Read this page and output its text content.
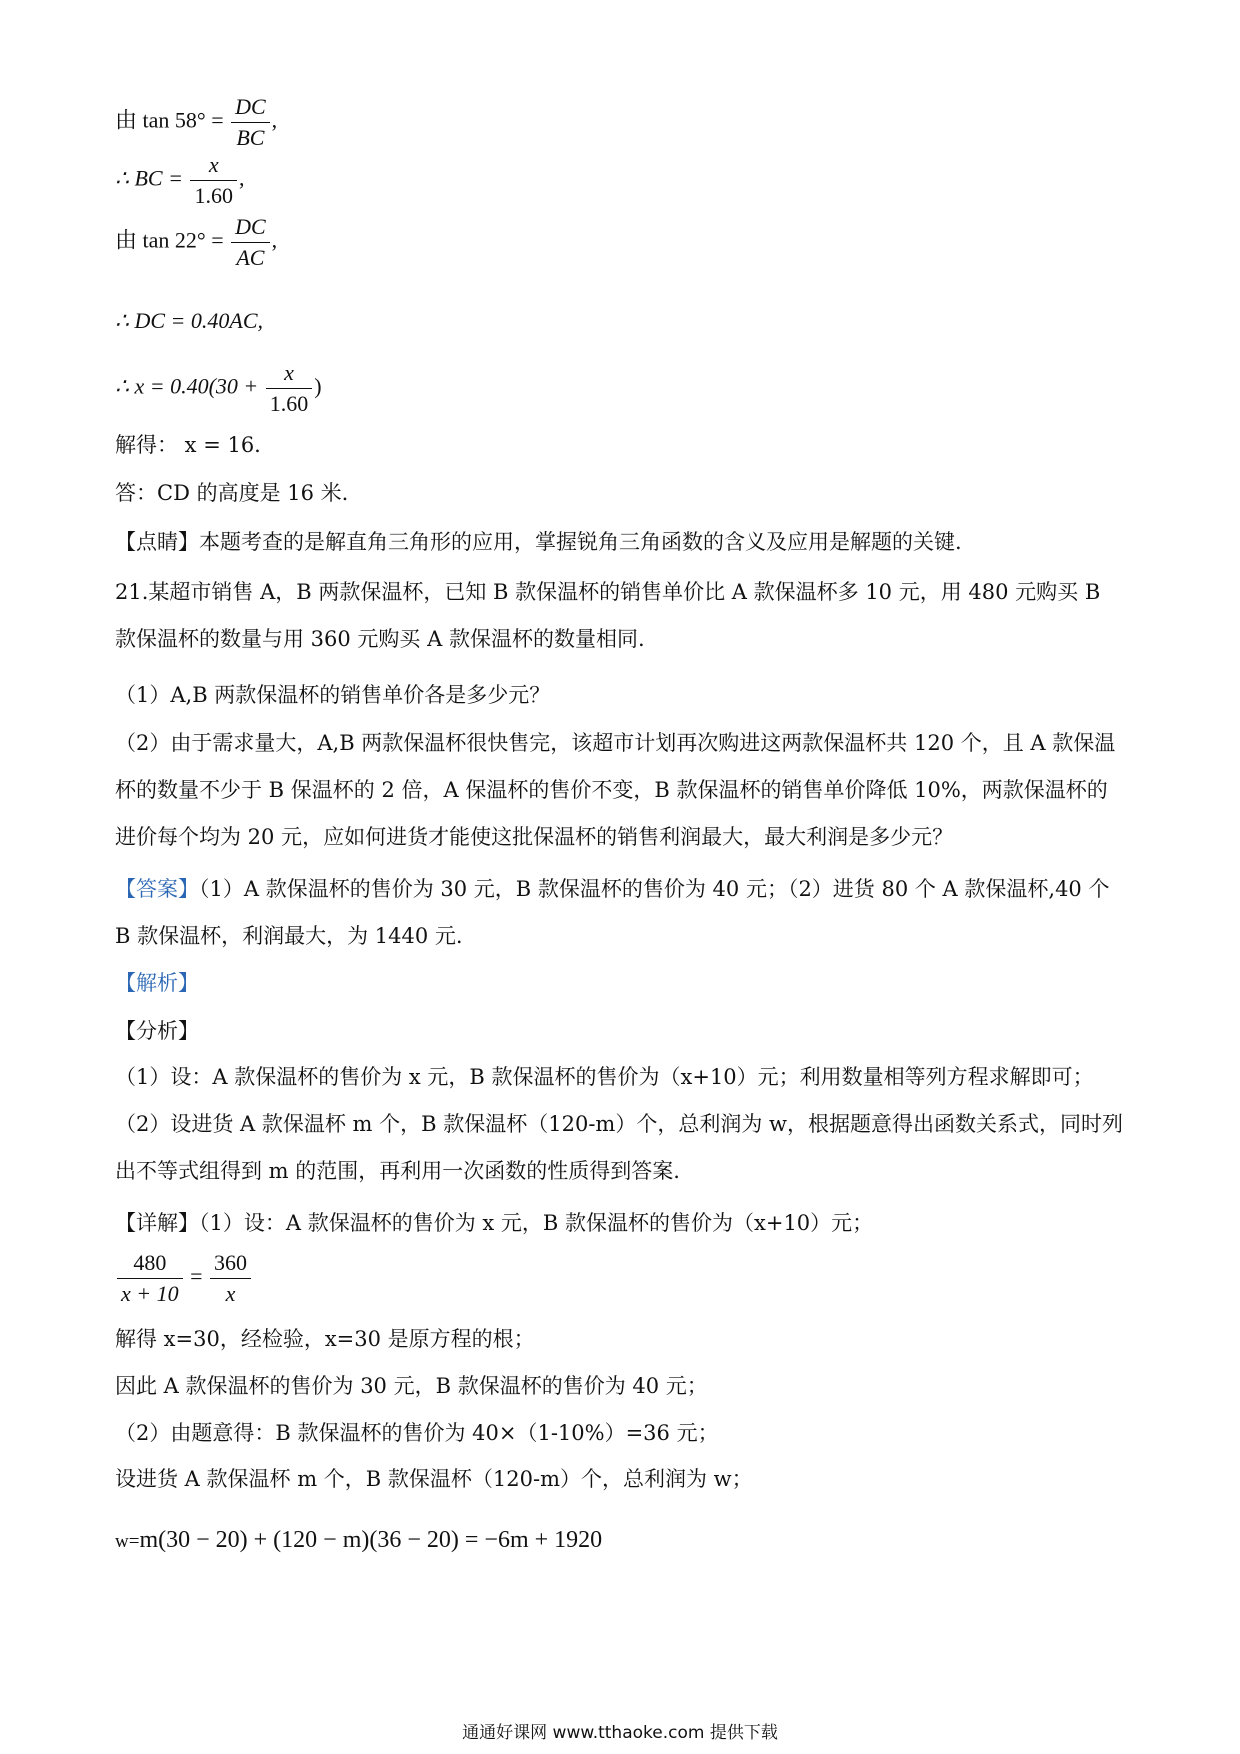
由 $\tan 58^\circ = \frac{DC}{BC}$ ,
∴ BC = $\frac{x}{1.60}$ ,
由 $\tan 22^\circ = \frac{DC}{AC}$ ,
∴ DC = 0.40AC,
∴ $x = 0.40(30 + \frac{x}{1.60}$ )
解得： x = 16.
答：CD 的高度是 16 米.
【点睛】本题考查的是解直角三角形的应用，掌握锐角三角函数的含义及应用是解题的关键.
21.某超市销售 A，B 两款保温杯，已知 B 款保温杯的销售单价比 A 款保温杯多 10 元，用 480 元购买 B 款保温杯的数量与用 360 元购买 A 款保温杯的数量相同.
（1）A,B 两款保温杯的销售单价各是多少元？
（2）由于需求量大，A,B 两款保温杯很快售完，该超市计划再次购进这两款保温杯共 120 个，且 A 款保温杯的数量不少于 B 保温杯的 2 倍，A 保温杯的售价不变，B 款保温杯的销售单价降低 10%，两款保温杯的进价每个均为 20 元，应如何进货才能使这批保温杯的销售利润最大，最大利润是多少元？
【答案】（1）A 款保温杯的售价为 30 元，B 款保温杯的售价为 40 元；（2）进货 80 个 A 款保温杯,40 个 B 款保温杯，利润最大，为 1440 元.
【解析】
【分析】
（1）设：A 款保温杯的售价为 x 元，B 款保温杯的售价为（x+10）元；利用数量相等列方程求解即可；（2）设进货 A 款保温杯 m 个，B 款保温杯（120-m）个，总利润为 w，根据题意得出函数关系式，同时列出不等式组得到 m 的范围，再利用一次函数的性质得到答案.
【详解】（1）设：A 款保温杯的售价为 x 元，B 款保温杯的售价为（x+10）元；
$\frac{480}{x + 10} = \frac{360}{x}$
解得 x=30，经检验，x=30 是原方程的根；
因此 A 款保温杯的售价为 30 元，B 款保温杯的售价为 40 元；
（2）由题意得：B 款保温杯的售价为 40×（1-10%）=36 元；
设进货 A 款保温杯 m 个，B 款保温杯（120-m）个，总利润为 w；
w=m(30 − 20) + (120 − m)(36 − 20) = −6m + 1920
通通好课网 www.tthaoke.com 提供下载
